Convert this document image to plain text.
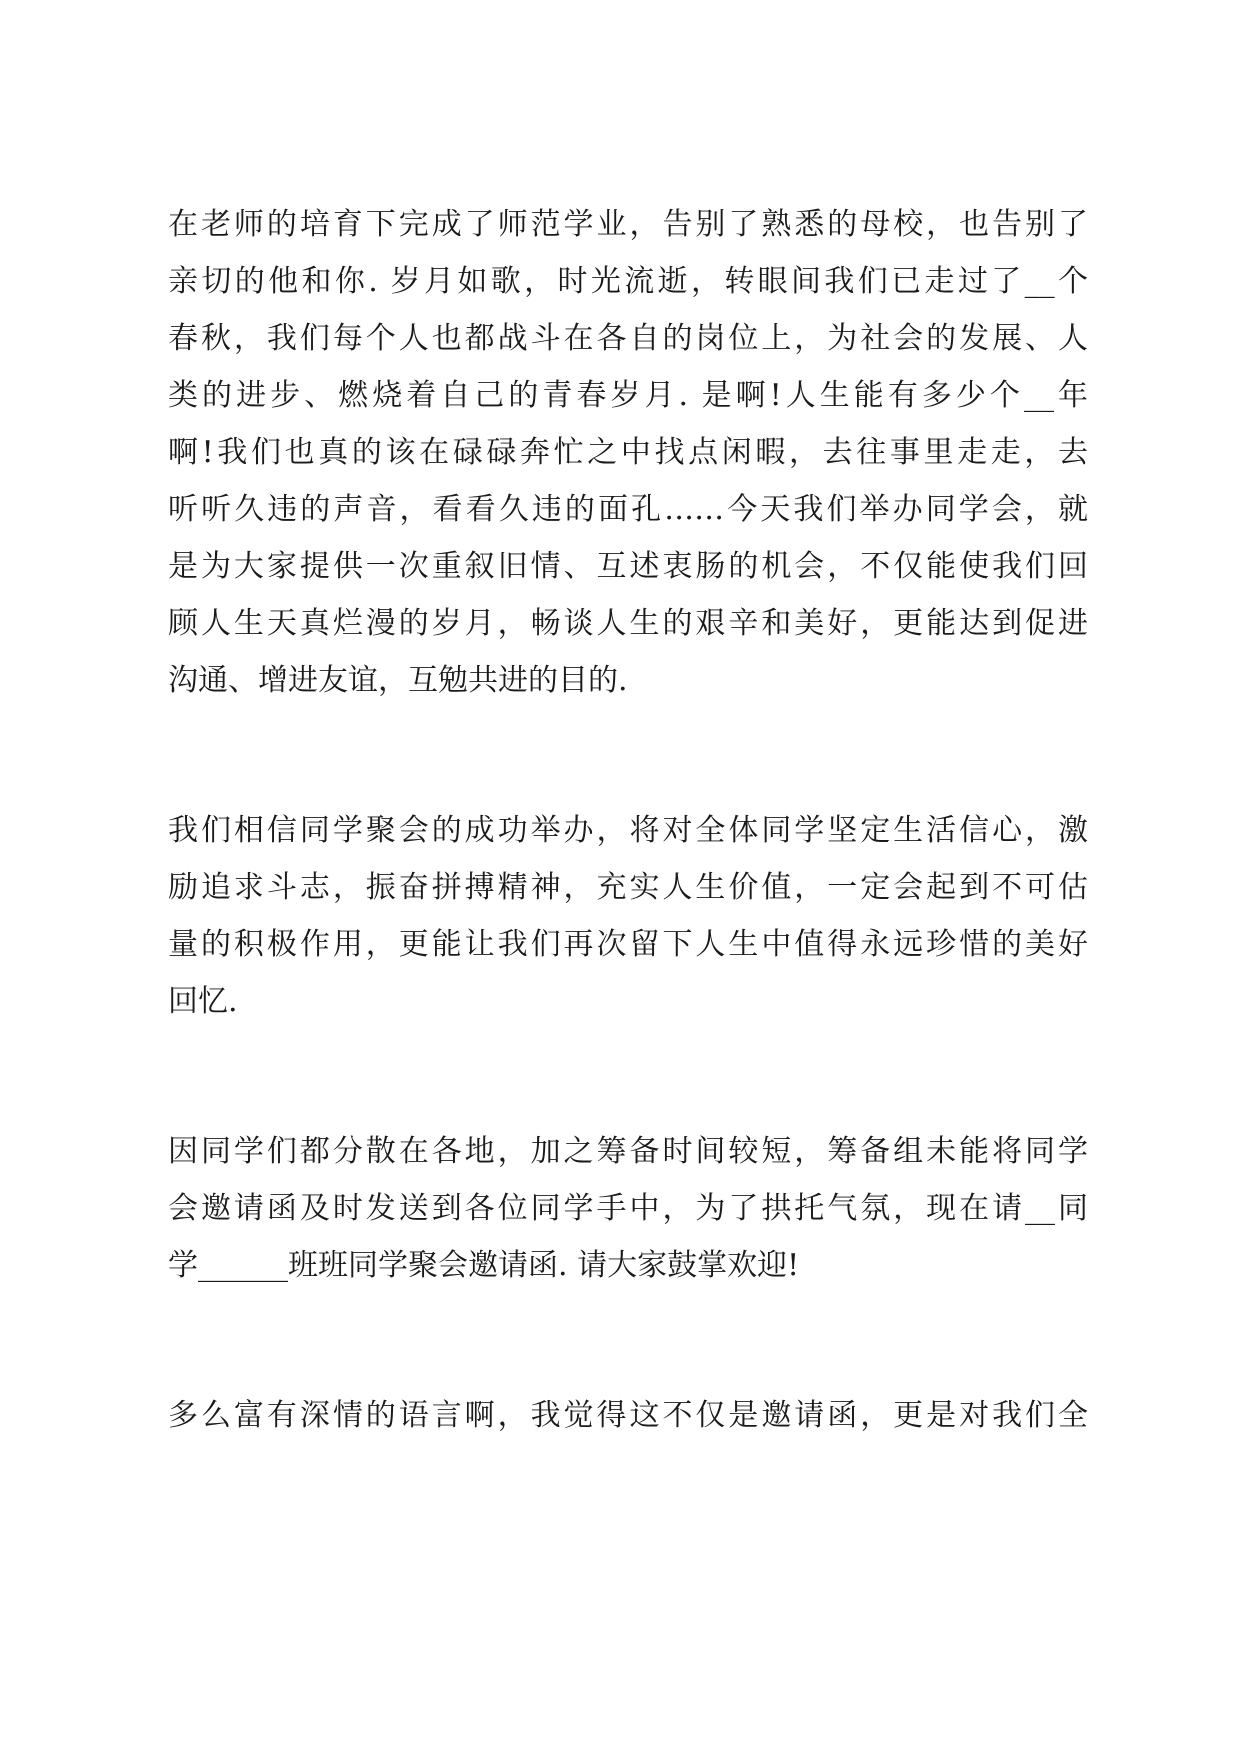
在老师的培育下完成了师范学业，告别了熟悉的母校，也告别了

亲切的他和你. 岁月如歌，时光流逝，转眼间我们已走过了__个

春秋，我们每个人也都战斗在各自的岗位上，为社会的发展、人

类的进步、燃烧着自己的青春岁月. 是啊!人生能有多少个__年

啊!我们也真的该在碌碌奔忙之中找点闲暇，去往事里走走，去

听听久违的声音，看看久违的面孔……今天我们举办同学会，就

是为大家提供一次重叙旧情、互述衷肠的机会，不仅能使我们回

顾人生天真烂漫的岁月，畅谈人生的艰辛和美好，更能达到促进

沟通、增进友谊，互勉共进的目的.

我们相信同学聚会的成功举办，将对全体同学坚定生活信心，激

励追求斗志，振奋拼搏精神，充实人生价值，一定会起到不可估

量的积极作用，更能让我们再次留下人生中值得永远珍惜的美好

回忆.

因同学们都分散在各地，加之筹备时间较短，筹备组未能将同学

会邀请函及时发送到各位同学手中，为了拱托气氛，现在请__同

学______班班同学聚会邀请函. 请大家鼓掌欢迎!

多么富有深情的语言啊，我觉得这不仅是邀请函，更是对我们全
